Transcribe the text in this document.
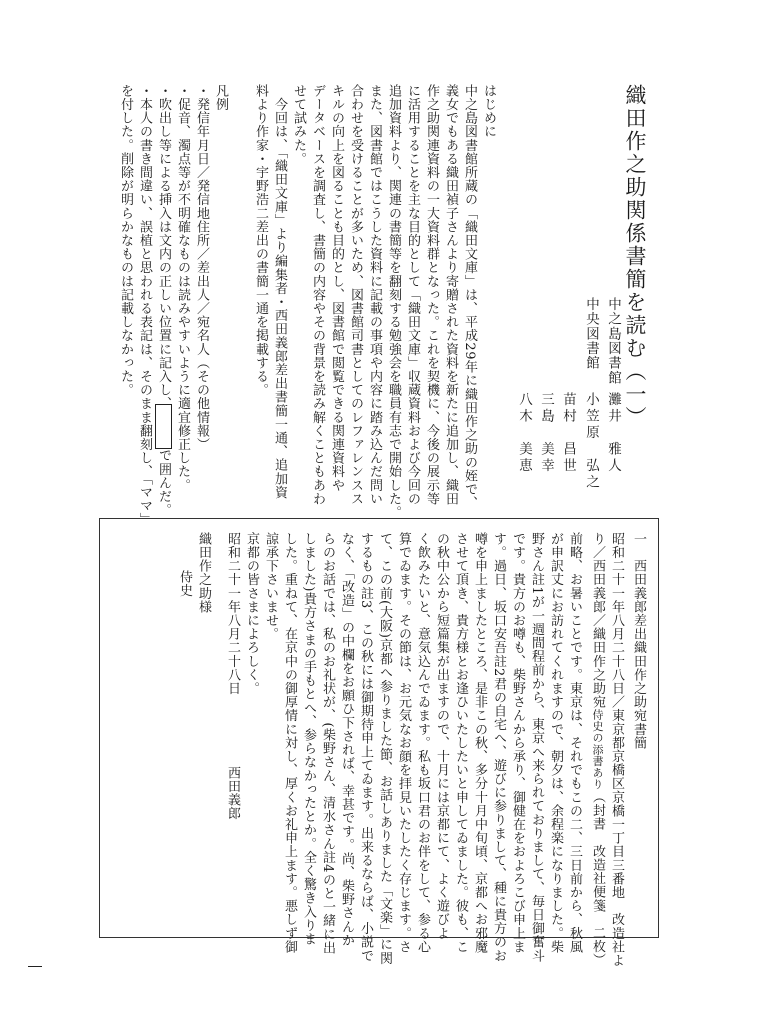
織田作之助関係書簡を読む（一）
中之島図書館
中央図書館
灘井　雅人
小笠原　弘之
苗村　昌世
三島　美幸
八木　美恵
はじめに
中之島図書館所蔵の「織田文庫」は、平成29年に織田作之助の姪で、
義女でもある織田禎子さんより寄贈された資料を新たに追加し、織田
作之助関連資料の一大資料群となった。これを契機に、今後の展示等
に活用することを主な目的として「織田文庫」収蔵資料および今回の
追加資料より、関連の書簡等を翻刻する勉強会を職員有志で開始した。
また、図書館ではこうした資料に記載の事項や内容に踏み込んだ問い
合わせを受けることが多いため、図書館司書としてのレファレンスス
キルの向上を図ることも目的とし、図書館で閲覧できる関連資料や
データベースを調査し、書簡の内容やその背景を読み解くこともあわ
せて試みた。
　今回は、「織田文庫」より編集者・西田義郎差出書簡一通、追加資
料より作家・宇野浩二差出の書簡一通を掲載する。
凡例
・発信年月日／発信地住所／差出人／宛名人（その他情報）
・促音、濁点等が不明確なものは読みやすいように適宜修正した。
・吹出し等による挿入は文内の正しい位置に記入し、　　　で囲んだ。
・本人の書き間違い、誤植と思われる表記は、そのまま翻刻し、「ママ」
を付した。削除が明らかなものは記載しなかった。
一　西田義郎差出織田作之助宛書簡
昭和二十一年八月二十八日／東京都京橋区京橋一丁目三番地　改造社よ
り／西田義郎／織田作之助宛侍史の添書あり（封書　改造社便箋　二枚）
前略、お暑いことです。東京は、それでもこの二、三日前から、秋風
が申訳丈にお訪れてくれますので、朝夕は、余程楽になりました。柴
野さん註1が一週間程前から、東京へ来られておりまして、毎日御奮斗
です。貴方のお噂も、柴野さんから承り、御健在をおよろこび申上ま
す。過日、坂口安吾註2君の自宅へ、遊びに参りまして、種に貴方のお
噂を申上ましたところ、是非この秋、多分十月中旬頃、京都へお邪魔
させて頂き、貴方様とお逢ひいたしたいと申してゐました。彼も、こ
の秋中公から短篇集が出ますので、十月には京都にて、よく遊びよ
く飲みたいと、意気込んでゐます。私も坂口君のお伴をして、参る心
算でゐます。その節は、お元気なお顔を拝見いたしたく存じます。さ
て、この前(大阪)京都へ参りました節、お話しありました「文楽」に関
するもの註3、この秋には御期待申上てゐます。出来るならば、小説で
なく、「改造」の中欄をお願ひ下されば、幸甚です。尚、柴野さんか
らのお話では、私のお礼状が、(柴野さん、清水さん註4のと一緒に出
しました)貴方さまの手もとへ、参らなかったとか。全く驚き入りま
した。重ねて、在京中の御厚情に対し、厚くお礼申上ます。悪しず御
諒承下さいませ。
京都の皆さまによろしく。
昭和二十一年八月二十八日
西田義郎
織田作之助様
侍史
